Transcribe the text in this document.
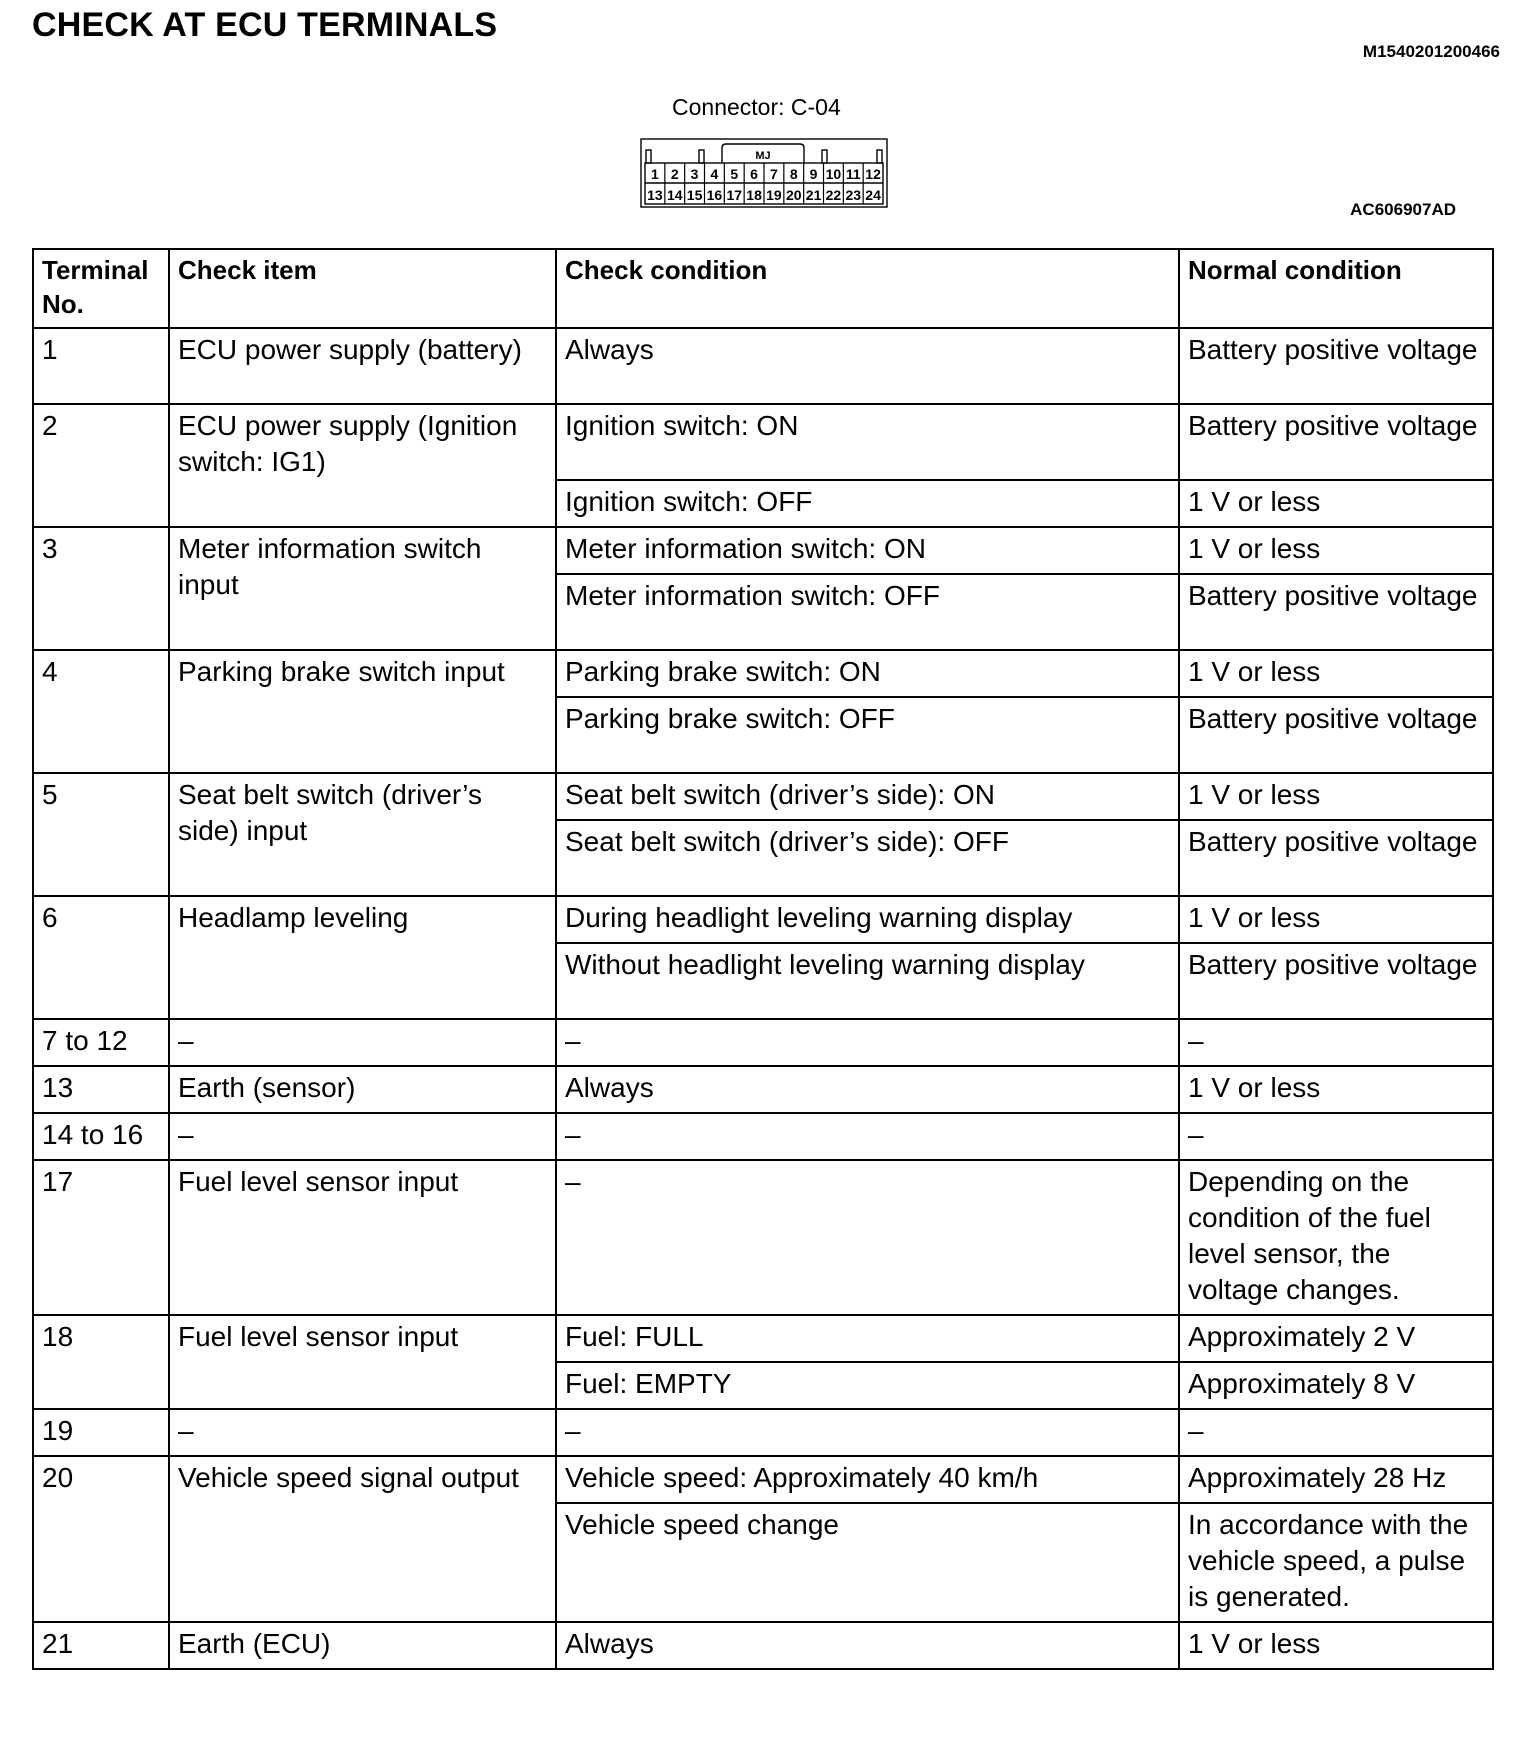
CHECK AT ECU TERMINALS
M1540201200466
Connector: C-04
MJ
1 2 3 4 5 6 7 8 9 10 11 12
13 14 15 16 17 18 19 20 21 22 23 24
AC606907AD
Terminal No.	Check item	Check condition	Normal condition
1	ECU power supply (battery)	Always	Battery positive voltage
2	ECU power supply (Ignition switch: IG1)	Ignition switch: ON	Battery positive voltage
		Ignition switch: OFF	1 V or less
3	Meter information switch input	Meter information switch: ON	1 V or less
		Meter information switch: OFF	Battery positive voltage
4	Parking brake switch input	Parking brake switch: ON	1 V or less
		Parking brake switch: OFF	Battery positive voltage
5	Seat belt switch (driver’s side) input	Seat belt switch (driver’s side): ON	1 V or less
		Seat belt switch (driver’s side): OFF	Battery positive voltage
6	Headlamp leveling	During headlight leveling warning display	1 V or less
		Without headlight leveling warning display	Battery positive voltage
7 to 12	–	–	–
13	Earth (sensor)	Always	1 V or less
14 to 16	–	–	–
17	Fuel level sensor input	–	Depending on the condition of the fuel level sensor, the voltage changes.
18	Fuel level sensor input	Fuel: FULL	Approximately 2 V
		Fuel: EMPTY	Approximately 8 V
19	–	–	–
20	Vehicle speed signal output	Vehicle speed: Approximately 40 km/h	Approximately 28 Hz
		Vehicle speed change	In accordance with the vehicle speed, a pulse is generated.
21	Earth (ECU)	Always	1 V or less
